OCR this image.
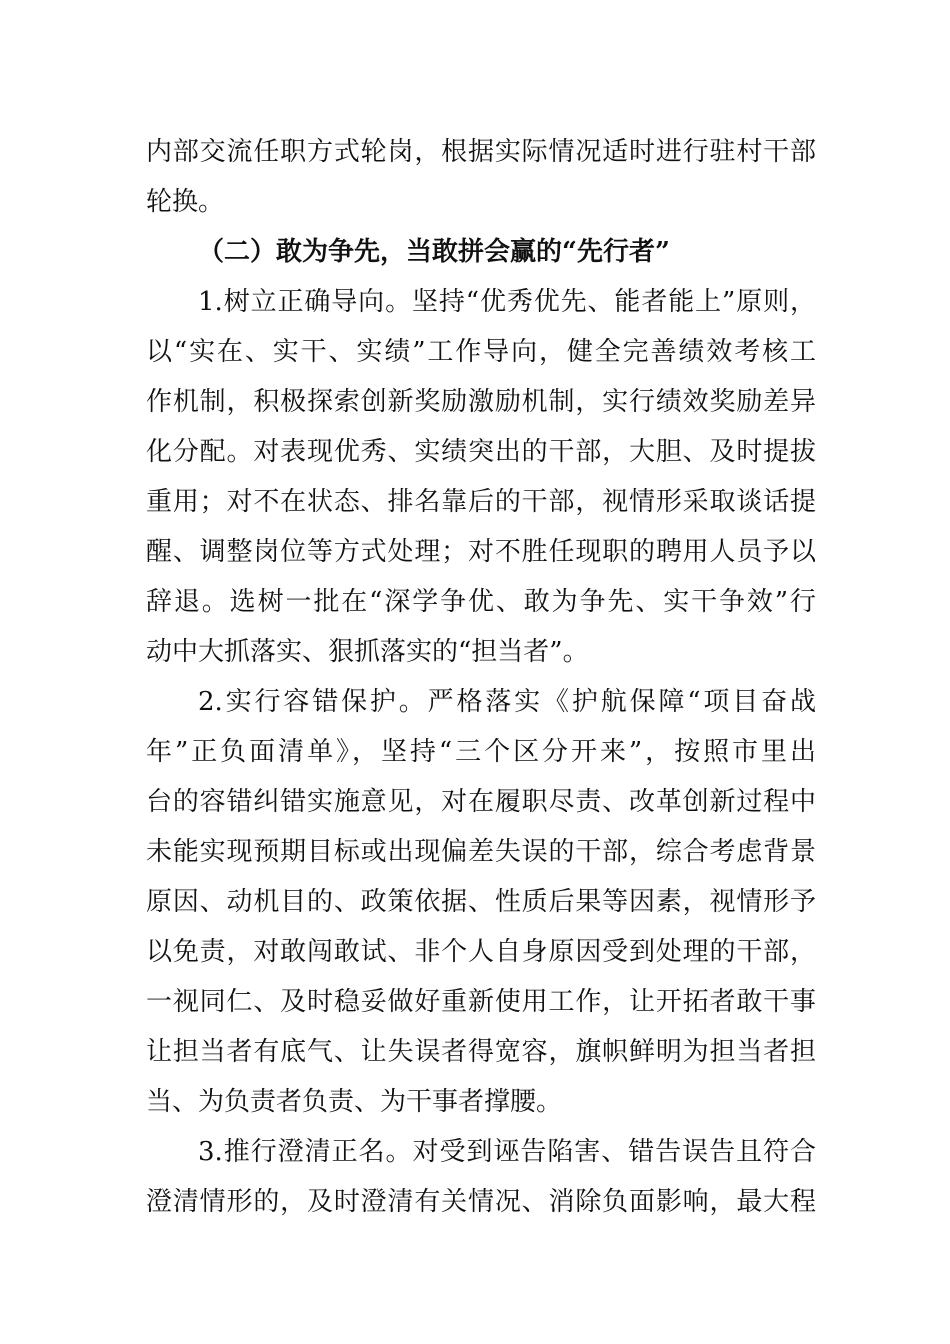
内部交流任职方式轮岗，根据实际情况适时进行驻村干部
轮换。
（二）敢为争先，当敢拼会赢的“先行者”
1.树立正确导向。坚持“优秀优先、能者能上”原则，
以“实在、实干、实绩”工作导向，健全完善绩效考核工
作机制，积极探索创新奖励激励机制，实行绩效奖励差异
化分配。对表现优秀、实绩突出的干部，大胆、及时提拔
重用；对不在状态、排名靠后的干部，视情形采取谈话提
醒、调整岗位等方式处理；对不胜任现职的聘用人员予以
辞退。选树一批在“深学争优、敢为争先、实干争效”行
动中大抓落实、狠抓落实的“担当者”。
2.实行容错保护。严格落实《护航保障“项目奋战
年”正负面清单》，坚持“三个区分开来”，按照市里出
台的容错纠错实施意见，对在履职尽责、改革创新过程中
未能实现预期目标或出现偏差失误的干部，综合考虑背景
原因、动机目的、政策依据、性质后果等因素，视情形予
以免责，对敢闯敢试、非个人自身原因受到处理的干部，
一视同仁、及时稳妥做好重新使用工作，让开拓者敢干事
让担当者有底气、让失误者得宽容，旗帜鲜明为担当者担
当、为负责者负责、为干事者撑腰。
3.推行澄清正名。对受到诬告陷害、错告误告且符合
澄清情形的，及时澄清有关情况、消除负面影响，最大程
